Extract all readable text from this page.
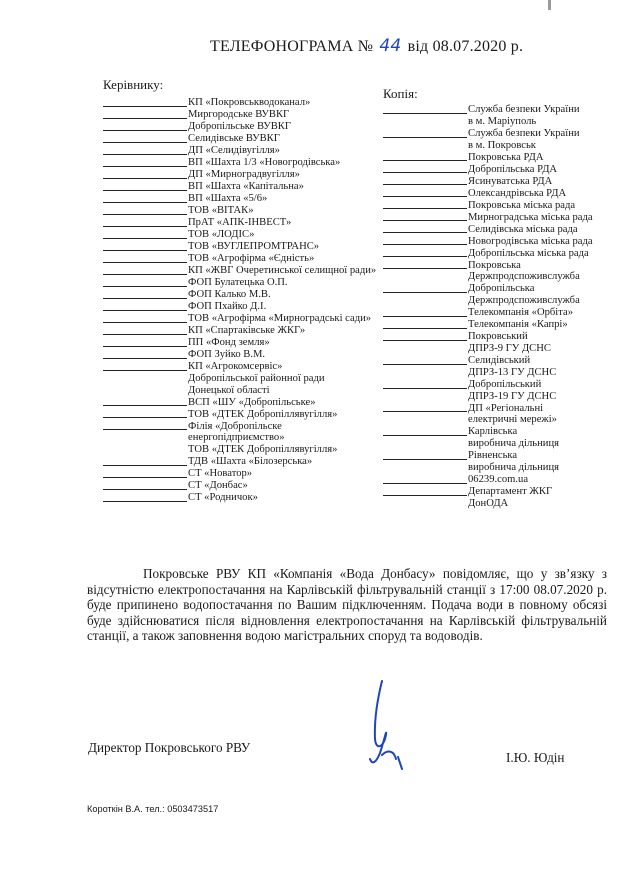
ТЕЛЕФОНОГРАМА № 44 від 08.07.2020 р.
Керівнику:
КП «Покровськводоканал»
Миргородське ВУВКГ
Добропільське ВУВКГ
Селидівське ВУВКГ
ДП «Селидівугілля»
ВП «Шахта 1/3 «Новогродівська»
ДП «Мирноградвугілля»
ВП «Шахта «Капітальна»
ВП «Шахта «5/6»
ТОВ «ВІТАК»
ПрАТ «АПК-ІНВЕСТ»
ТОВ «ЛОДІС»
ТОВ «ВУГЛЕПРОМТРАНС»
ТОВ «Агрофірма «Єдність»
КП «ЖВГ Очеретинської селищної ради»
ФОП Булатецька О.П.
ФОП Калько М.В.
ФОП Пхайко Д.І.
ТОВ «Агрофірма «Мирноградські сади»
КП «Спартаківське ЖКГ»
ПП «Фонд земля»
ФОП Зуйко В.М.
КП «Агрокомсервіс»
Добропільської районної ради
Донецької області
ВСП «ШУ «Добропільське»
ТОВ «ДТЕК Добропіллявугілля»
Філія «Добропільске
енергопідприємство»
ТОВ «ДТЕК Добропіллявугілля»
ТДВ «Шахта «Білозерська»
СТ «Новатор»
СТ «Донбас»
СТ «Родничок»
Копія:
Служба безпеки України
в м. Маріуполь
Служба безпеки України
в м. Покровськ
Покровська РДА
Добропільська РДА
Ясинуватська РДА
Олександрівська РДА
Покровська міська рада
Мирноградська міська рада
Селидівська міська рада
Новогродівська міська рада
Добропільська міська рада
Покровська
Держпродспоживслужба
Добропільська
Держпродспоживслужба
Телекомпанія «Орбіта»
Телекомпанія «Капрі»
Покровський
ДПРЗ-9 ГУ ДСНС
Селидівський
ДПРЗ-13 ГУ ДСНС
Добропільський
ДПРЗ-19 ГУ ДСНС
ДП «Регіональні
електричні мережі»
Карлівська
виробнича дільниця
Рівненська
виробнича дільниця
06239.com.ua
Департамент ЖКГ
ДонОДА
Покровське РВУ КП «Компанія «Вода Донбасу» повідомляє, що у зв’язку з відсутністю електропостачання на Карлівській фільтрувальній станції з 17:00 08.07.2020 р. буде припинено водопостачання по Вашим підключенням. Подача води в повному обсязі буде здійснюватися після відновлення електропостачання на Карлівській фільтрувальній станції, а також заповнення водою магістральних споруд та водоводів.
Директор Покровського РВУ
І.Ю. Юдін
Короткін В.А. тел.: 0503473517
